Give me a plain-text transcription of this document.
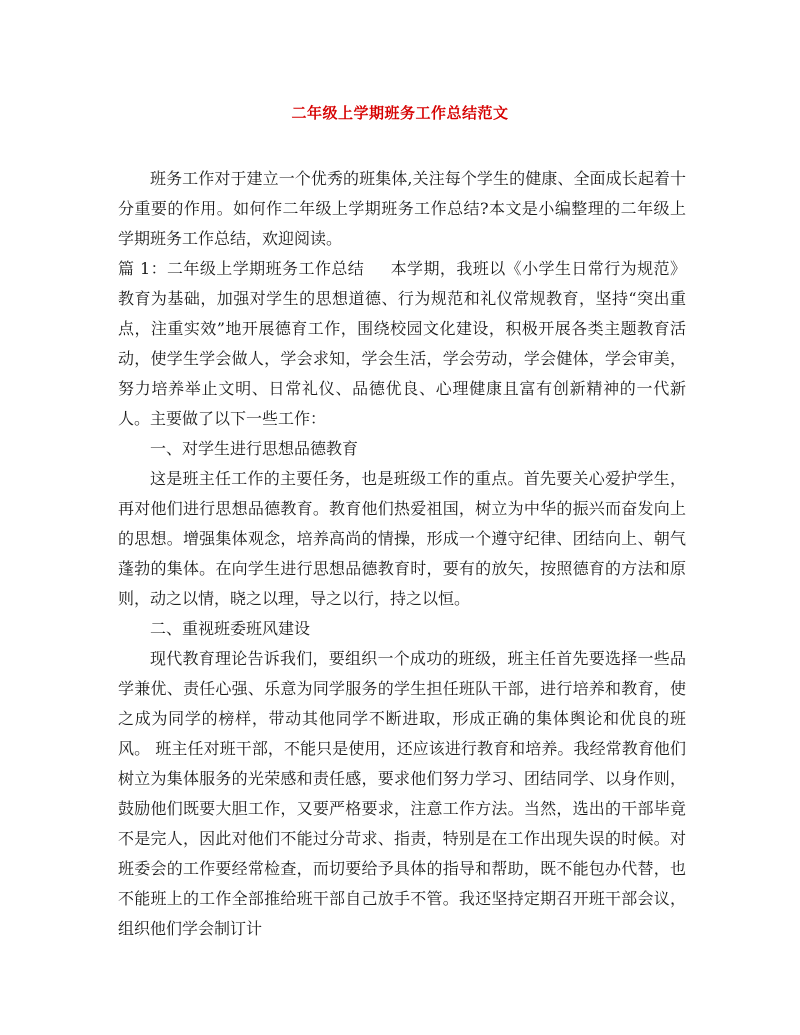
二年级上学期班务工作总结范文

班务工作对于建立一个优秀的班集体,关注每个学生的健康、全面成长起着十分重要的作用。如何作二年级上学期班务工作总结?本文是小编整理的二年级上学期班务工作总结，欢迎阅读。

篇 1：二年级上学期班务工作总结 本学期，我班以《小学生日常行为规范》教育为基础，加强对学生的思想道德、行为规范和礼仪常规教育，坚持“突出重点，注重实效”地开展德育工作，围绕校园文化建设，积极开展各类主题教育活动，使学生学会做人，学会求知，学会生活，学会劳动，学会健体，学会审美，努力培养举止文明、日常礼仪、品德优良、心理健康且富有创新精神的一代新人。主要做了以下一些工作：

一、对学生进行思想品德教育

这是班主任工作的主要任务，也是班级工作的重点。首先要关心爱护学生，再对他们进行思想品德教育。教育他们热爱祖国，树立为中华的振兴而奋发向上的思想。增强集体观念，培养高尚的情操，形成一个遵守纪律、团结向上、朝气蓬勃的集体。在向学生进行思想品德教育时，要有的放矢，按照德育的方法和原则，动之以情，晓之以理，导之以行，持之以恒。

二、重视班委班风建设

现代教育理论告诉我们，要组织一个成功的班级，班主任首先要选择一些品学兼优、责任心强、乐意为同学服务的学生担任班队干部，进行培养和教育，使之成为同学的榜样，带动其他同学不断进取，形成正确的集体舆论和优良的班风。 班主任对班干部，不能只是使用，还应该进行教育和培养。我经常教育他们树立为集体服务的光荣感和责任感，要求他们努力学习、团结同学、以身作则，鼓励他们既要大胆工作，又要严格要求，注意工作方法。当然，选出的干部毕竟不是完人，因此对他们不能过分苛求、指责，特别是在工作出现失误的时候。对班委会的工作要经常检查，而切要给予具体的指导和帮助，既不能包办代替，也不能班上的工作全部推给班干部自己放手不管。我还坚持定期召开班干部会议，组织他们学会制订计
